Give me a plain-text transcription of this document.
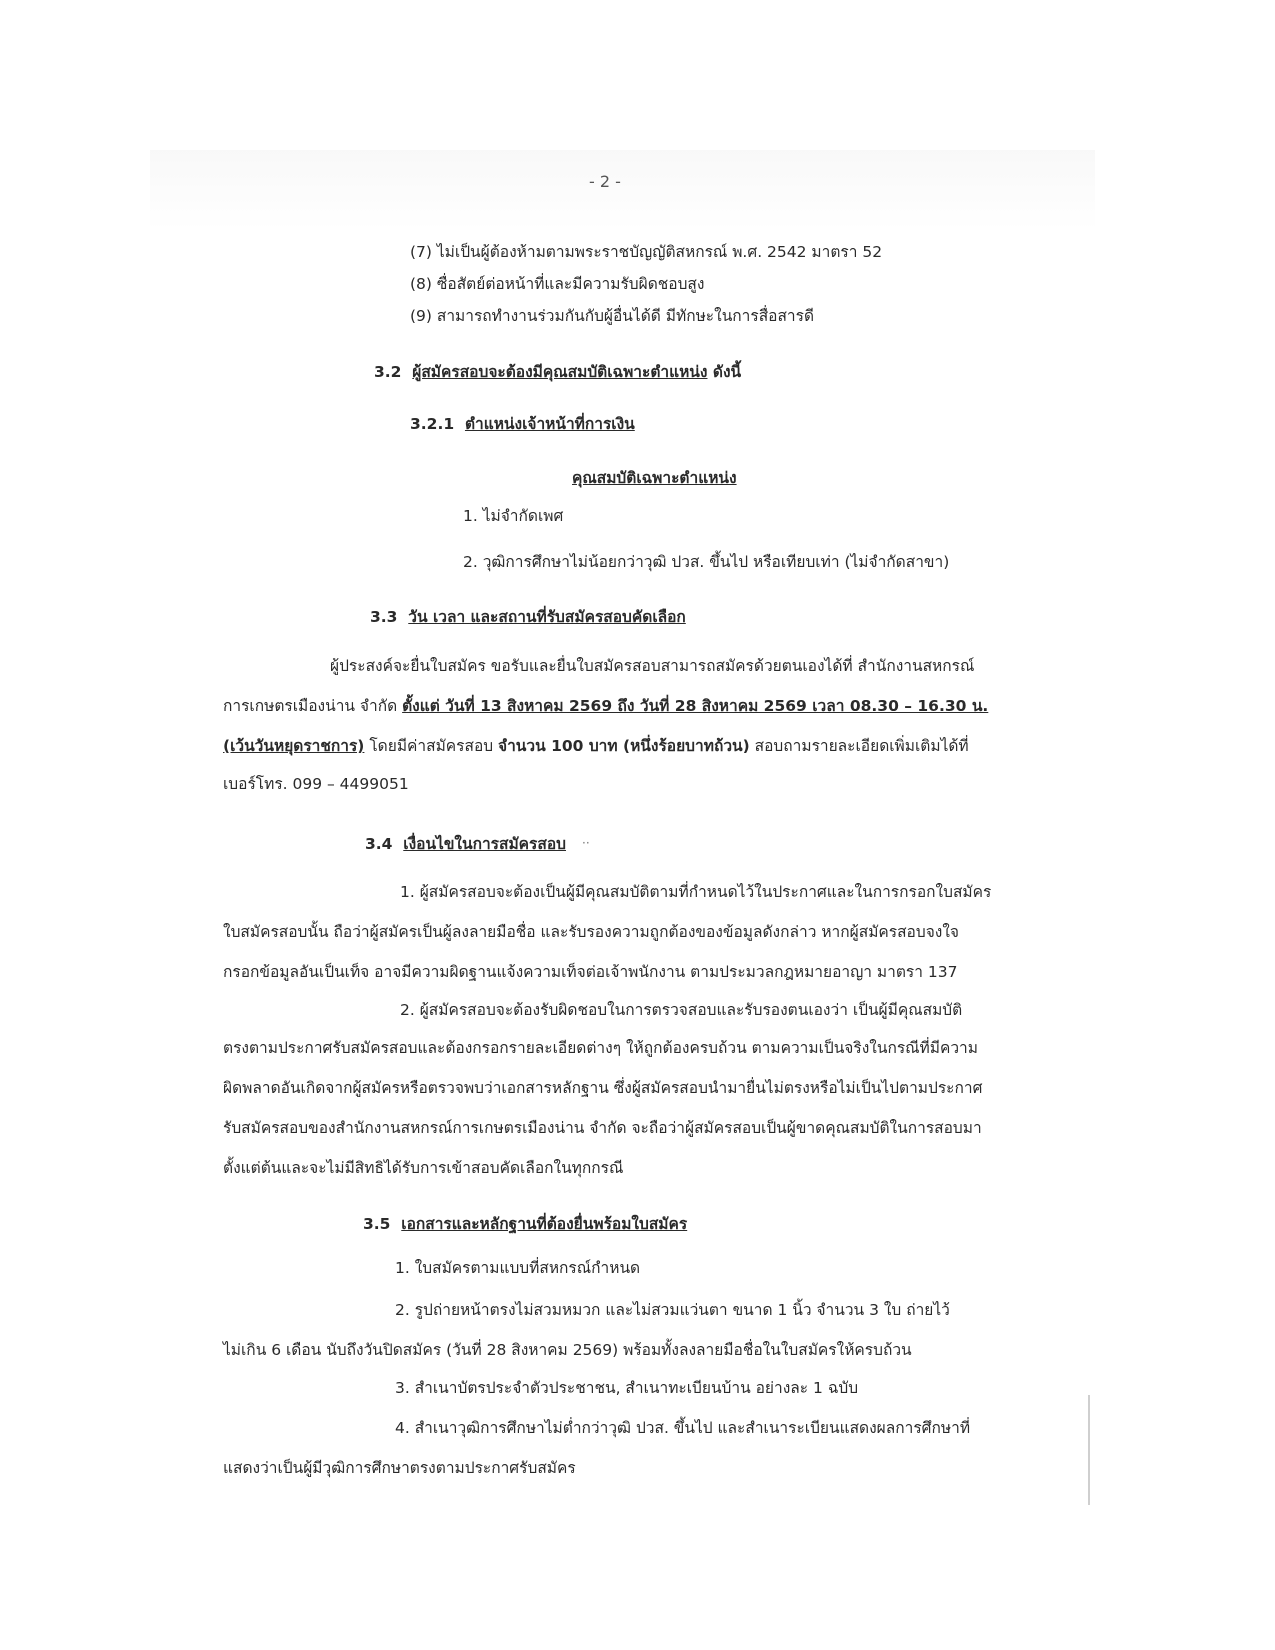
- 2 -
(7) ไม่เป็นผู้ต้องห้ามตามพระราชบัญญัติสหกรณ์ พ.ศ. 2542 มาตรา 52
(8) ซื่อสัตย์ต่อหน้าที่และมีความรับผิดชอบสูง
(9) สามารถทำงานร่วมกันกับผู้อื่นได้ดี มีทักษะในการสื่อสารดี
3.2 ผู้สมัครสอบจะต้องมีคุณสมบัติเฉพาะตำแหน่ง ดังนี้
3.2.1 ตำแหน่งเจ้าหน้าที่การเงิน
คุณสมบัติเฉพาะตำแหน่ง
1. ไม่จำกัดเพศ
2. วุฒิการศึกษาไม่น้อยกว่าวุฒิ ปวส. ขึ้นไป หรือเทียบเท่า (ไม่จำกัดสาขา)
3.3 วัน เวลา และสถานที่รับสมัครสอบคัดเลือก
ผู้ประสงค์จะยื่นใบสมัคร ขอรับและยื่นใบสมัครสอบสามารถสมัครด้วยตนเองได้ที่ สำนักงานสหกรณ์
การเกษตรเมืองน่าน จำกัด ตั้งแต่ วันที่ 13 สิงหาคม 2569 ถึง วันที่ 28 สิงหาคม 2569 เวลา 08.30 – 16.30 น.
(เว้นวันหยุดราชการ) โดยมีค่าสมัครสอบ จำนวน 100 บาท (หนึ่งร้อยบาทถ้วน) สอบถามรายละเอียดเพิ่มเติมได้ที่
เบอร์โทร. 099 – 4499051
3.4 เงื่อนไขในการสมัครสอบ ··
1. ผู้สมัครสอบจะต้องเป็นผู้มีคุณสมบัติตามที่กำหนดไว้ในประกาศและในการกรอกใบสมัคร
ใบสมัครสอบนั้น ถือว่าผู้สมัครเป็นผู้ลงลายมือชื่อ และรับรองความถูกต้องของข้อมูลดังกล่าว หากผู้สมัครสอบจงใจ
กรอกข้อมูลอันเป็นเท็จ อาจมีความผิดฐานแจ้งความเท็จต่อเจ้าพนักงาน ตามประมวลกฎหมายอาญา มาตรา 137
2. ผู้สมัครสอบจะต้องรับผิดชอบในการตรวจสอบและรับรองตนเองว่า เป็นผู้มีคุณสมบัติ
ตรงตามประกาศรับสมัครสอบและต้องกรอกรายละเอียดต่างๆ ให้ถูกต้องครบถ้วน ตามความเป็นจริงในกรณีที่มีความ
ผิดพลาดอันเกิดจากผู้สมัครหรือตรวจพบว่าเอกสารหลักฐาน ซึ่งผู้สมัครสอบนำมายื่นไม่ตรงหรือไม่เป็นไปตามประกาศ
รับสมัครสอบของสำนักงานสหกรณ์การเกษตรเมืองน่าน จำกัด จะถือว่าผู้สมัครสอบเป็นผู้ขาดคุณสมบัติในการสอบมา
ตั้งแต่ต้นและจะไม่มีสิทธิได้รับการเข้าสอบคัดเลือกในทุกกรณี
3.5 เอกสารและหลักฐานที่ต้องยื่นพร้อมใบสมัคร
1. ใบสมัครตามแบบที่สหกรณ์กำหนด
2. รูปถ่ายหน้าตรงไม่สวมหมวก และไม่สวมแว่นตา ขนาด 1 นิ้ว จำนวน 3 ใบ ถ่ายไว้
ไม่เกิน 6 เดือน นับถึงวันปิดสมัคร (วันที่ 28 สิงหาคม 2569) พร้อมทั้งลงลายมือชื่อในใบสมัครให้ครบถ้วน
3. สำเนาบัตรประจำตัวประชาชน, สำเนาทะเบียนบ้าน อย่างละ 1 ฉบับ
4. สำเนาวุฒิการศึกษาไม่ต่ำกว่าวุฒิ ปวส. ขึ้นไป และสำเนาระเบียนแสดงผลการศึกษาที่
แสดงว่าเป็นผู้มีวุฒิการศึกษาตรงตามประกาศรับสมัคร
